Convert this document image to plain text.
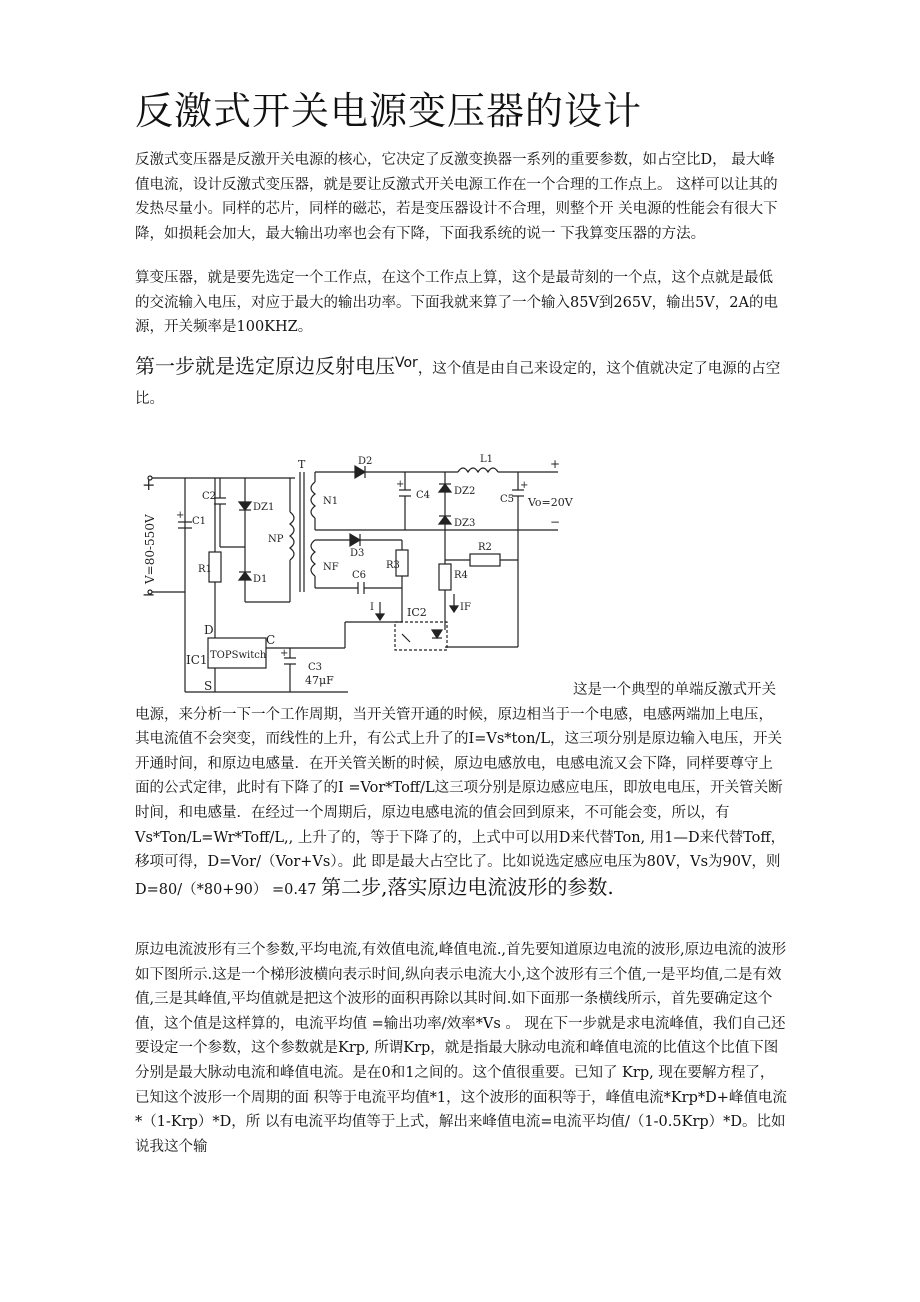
反激式开关电源变压器的设计

反激式变压器是反激开关电源的核心，它决定了反激变换器一系列的重要参数，如占空比D， 最大峰值电流，设计反激式变压器，就是要让反激式开关电源工作在一个合理的工作点上。 这样可以让其的发热尽量小。同样的芯片，同样的磁芯，若是变压器设计不合理，则整个开 关电源的性能会有很大下降，如损耗会加大，最大输出功率也会有下降，下面我系统的说一 下我算变压器的方法。

算变压器，就是要先选定一个工作点，在这个工作点上算，这个是最苛刻的一个点，这个点就是最低的交流输入电压，对应于最大的输出功率。下面我就来算了一个输入85V到265V，输出5V，2A的电源，开关频率是100KHZ。

第一步就是选定原边反射电压Vor，这个值是由自己来设定的，这个值就决定了电源的占空比。

+
−
V=80-550V +
C1
R1
C2
DZ1
D1
NP
T
N1
D2
+
C4
L1	+
DZ2
DZ3
+
C5 Vo=20V
−
R2
R4
IF
NF
D3
R3
C6
I	IC2
TOPSwitch
D
C
S
IC1	+
C3
47μF

这是一个典型的单端反激式开关电源，来分析一下一个工作周期，当开关管开通的时候，原边相当于一个电感，电感两端加上电压，其电流值不会突变，而线性的上升，有公式上升了的I=Vs*ton/L，这三项分别是原边输入电压，开关开通时间，和原边电感量．在开关管关断的时候，原边电感放电，电感电流又会下降，同样要尊守上面的公式定律，此时有下降了的I =Vor*Toff/L这三项分别是原边感应电压，即放电电压，开关管关断时间，和电感量．在经过一个周期后，原边电感电流的值会回到原来，不可能会变，所以，有Vs*Ton/L=Wr*Toff/L,, 上升了的，等于下降了的，上式中可以用D来代替Ton, 用1—D来代替Toff，移项可得，D=Vor/（Vor+Vs）。此 即是最大占空比了。比如说选定感应电压为80V，Vs为90V，则D=80/（*80+90） =0.47 第二步,落实原边电流波形的参数.

原边电流波形有三个参数,平均电流,有效值电流,峰值电流.,首先要知道原边电流的波形,原边电流的波形如下图所示.这是一个梯形波横向表示时间,纵向表示电流大小,这个波形有三个值,一是平均值,二是有效值,三是其峰值,平均值就是把这个波形的面积再除以其时间.如下面那一条横线所示，首先要确定这个值，这个值是这样算的，电流平均值 =输出功率/效率*Vs 。 现在下一步就是求电流峰值，我们自己还要设定一个参数，这个参数就是Krp, 所谓Krp，就是指最大脉动电流和峰值电流的比值这个比值下图分别是最大脉动电流和峰值电流。是在0和1之间的。这个值很重要。已知了 Krp, 现在要解方程了，已知这个波形一个周期的面 积等于电流平均值*1，这个波形的面积等于，峰值电流*Krp*D+峰值电流*（1-Krp）*D，所 以有电流平均值等于上式，解出来峰值电流=电流平均值/（1-0.5Krp）*D。比如说我这个输
